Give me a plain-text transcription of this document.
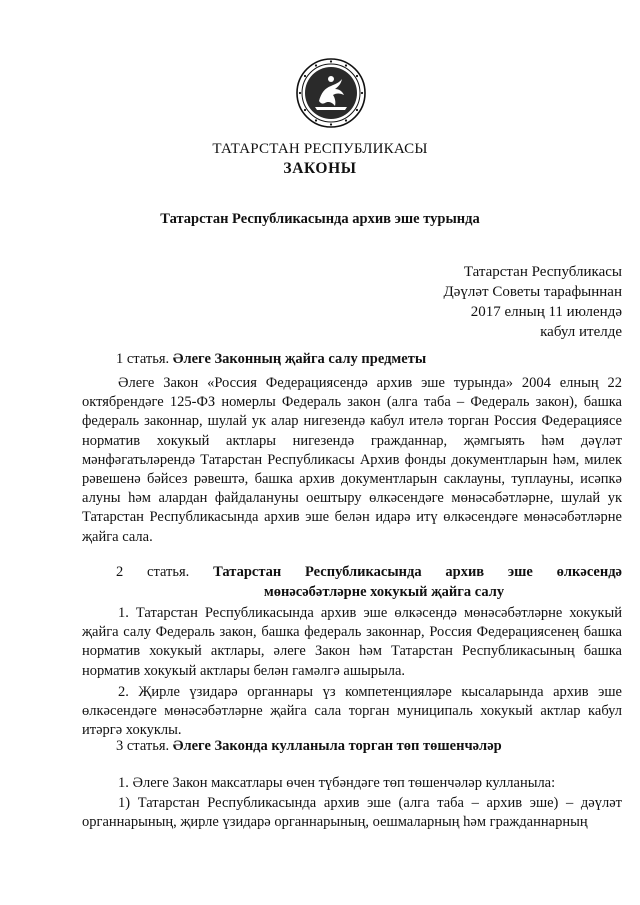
ТАТАРСТАН РЕСПУБЛИКАСЫ
ЗАКОНЫ
Татарстан Республикасында архив эше турында
Татарстан Республикасы
Дәүләт Советы тарафыннан
2017 елның 11 июлендә
кабул ителде
1 статья. Әлеге Законның җайга салу предметы

Әлеге Закон «Россия Федерациясендә архив эше турында» 2004 елның 22 октябрендәге 125-ФЗ номерлы Федераль закон (алга таба – Федераль закон), башка федераль законнар, шулай ук алар нигезендә кабул ителә торган Россия Федерациясе норматив хокукый актлары нигезендә гражданнар, җәмгыять һәм дәүләт мәнфәгатьләрендә Татарстан Республикасы Архив фонды документларын һәм, милек рәвешенә бәйсез рәвештә, башка архив документларын саклауны, туплауны, исәпкә алуны һәм алардан файдалануны оештыру өлкәсендәге мөнәсәбәтләрне, шулай ук Татарстан Республикасында архив эше белән идарә итү өлкәсендәге мөнәсәбәтләрне җайга сала.

2 статья. Татарстан Республикасында архив эше өлкәсендә
мөнәсәбәтләрне хокукый җайга салу

1. Татарстан Республикасында архив эше өлкәсендә мөнәсәбәтләрне хокукый җайга салу Федераль закон, башка федераль законнар, Россия Федерациясенең башка норматив хокукый актлары, әлеге Закон һәм Татарстан Республикасының башка норматив хокукый актлары белән гамәлгә ашырыла.

2. Җирле үзидарә органнары үз компетенцияләре кысаларында архив эше өлкәсендәге мөнәсәбәтләрне җайга сала торган муниципаль хокукый актлар кабул итәргә хокуклы.

3 статья. Әлеге Законда кулланыла торган төп төшенчәләр

1. Әлеге Закон максатлары өчен түбәндәге төп төшенчәләр кулланыла:

1) Татарстан Республикасында архив эше (алга таба – архив эше) – дәүләт органнарының, җирле үзидарә органнарының, оешмаларның һәм гражданнарның
